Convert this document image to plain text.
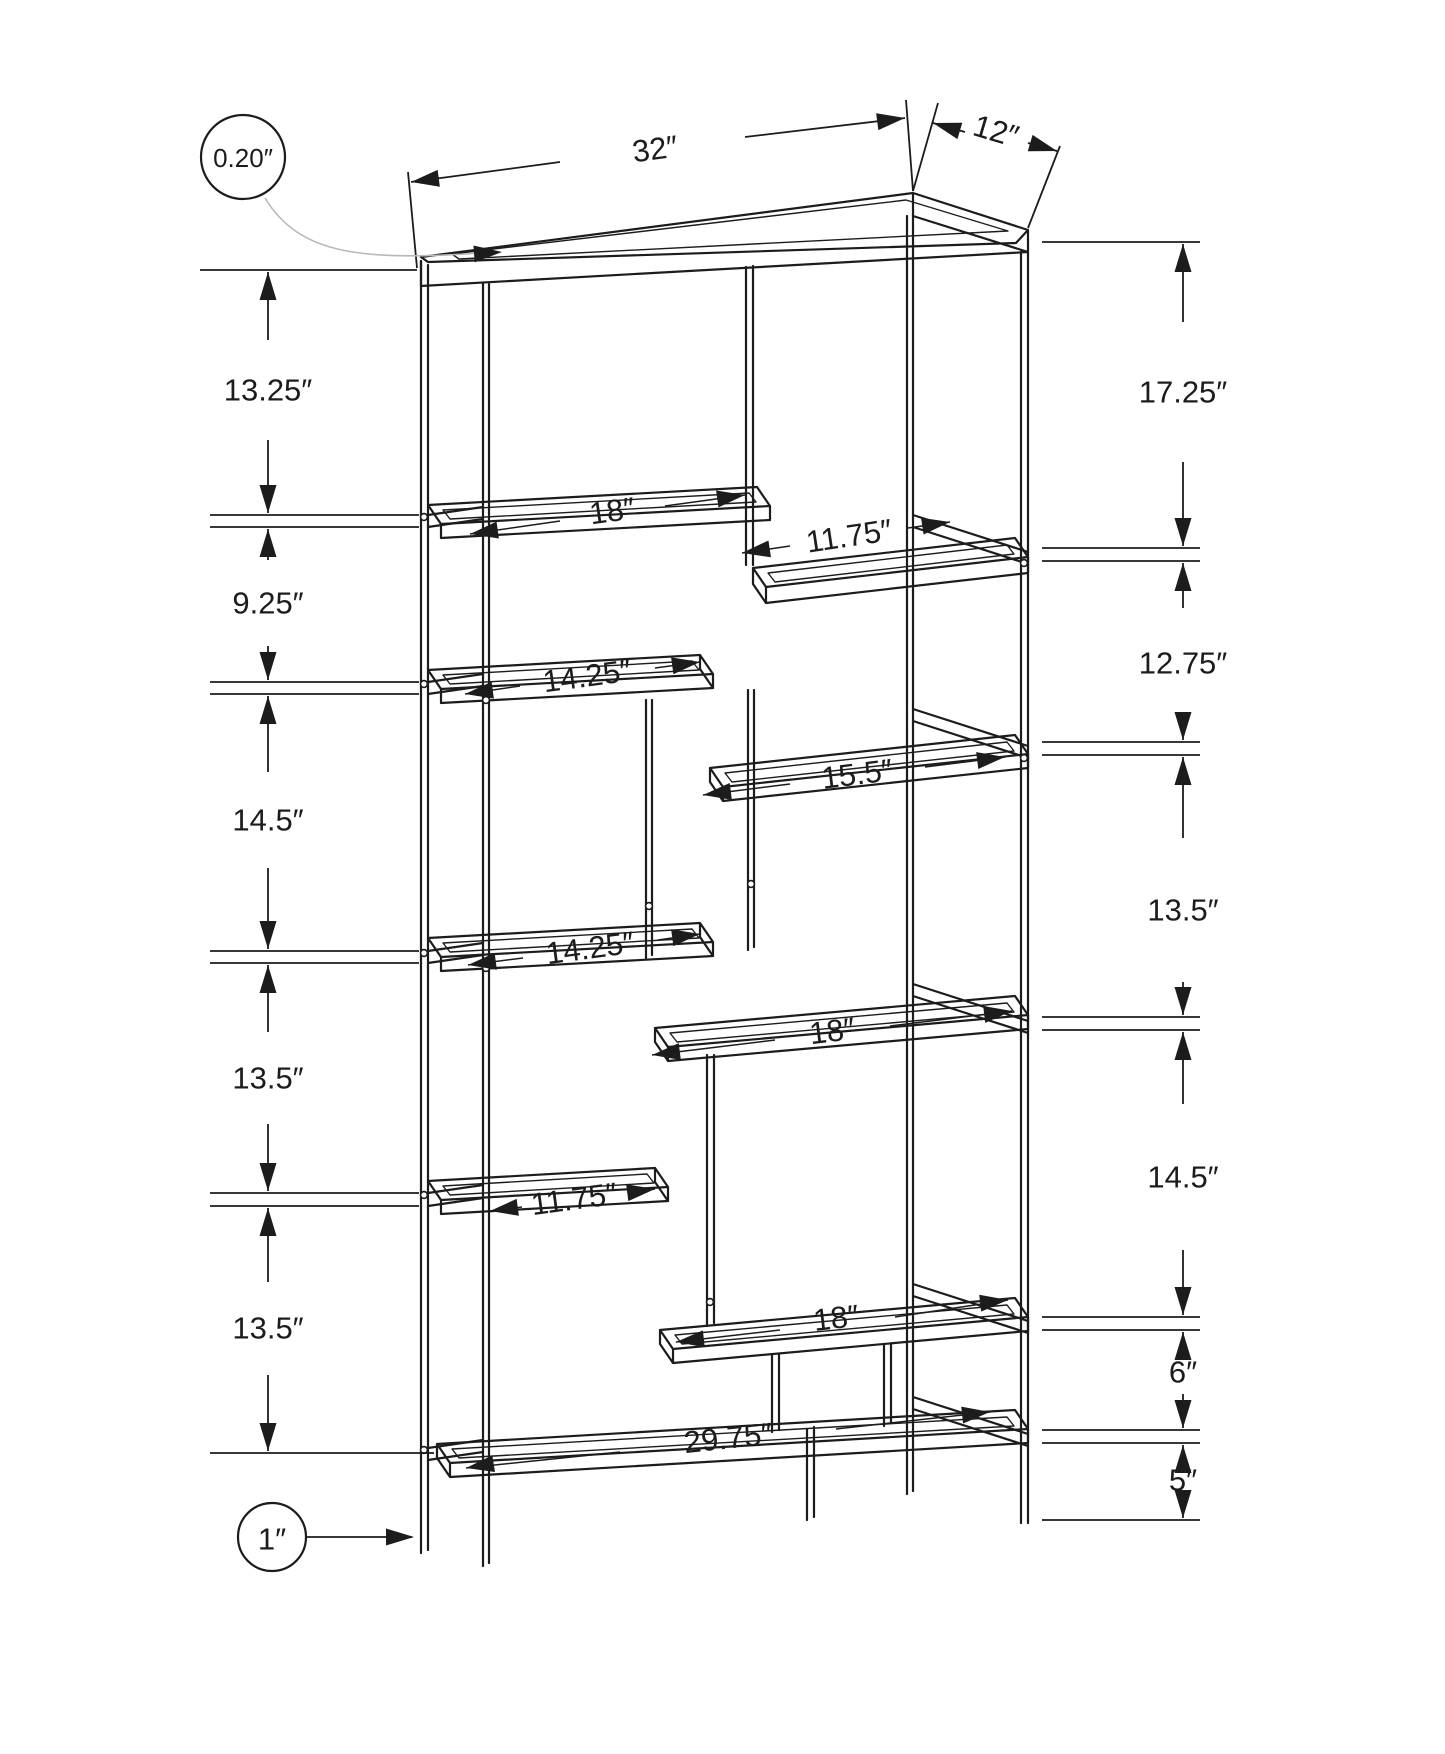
32″	12″
0.20″
1″
13.25″
9.25″
14.5″
13.5″
13.5″
17.25″
12.75″
13.5″
14.5″
6″
5″
18″
11.75″
14.25″
15.5″
14.25″
18″
11.75″
18″
29.75″
